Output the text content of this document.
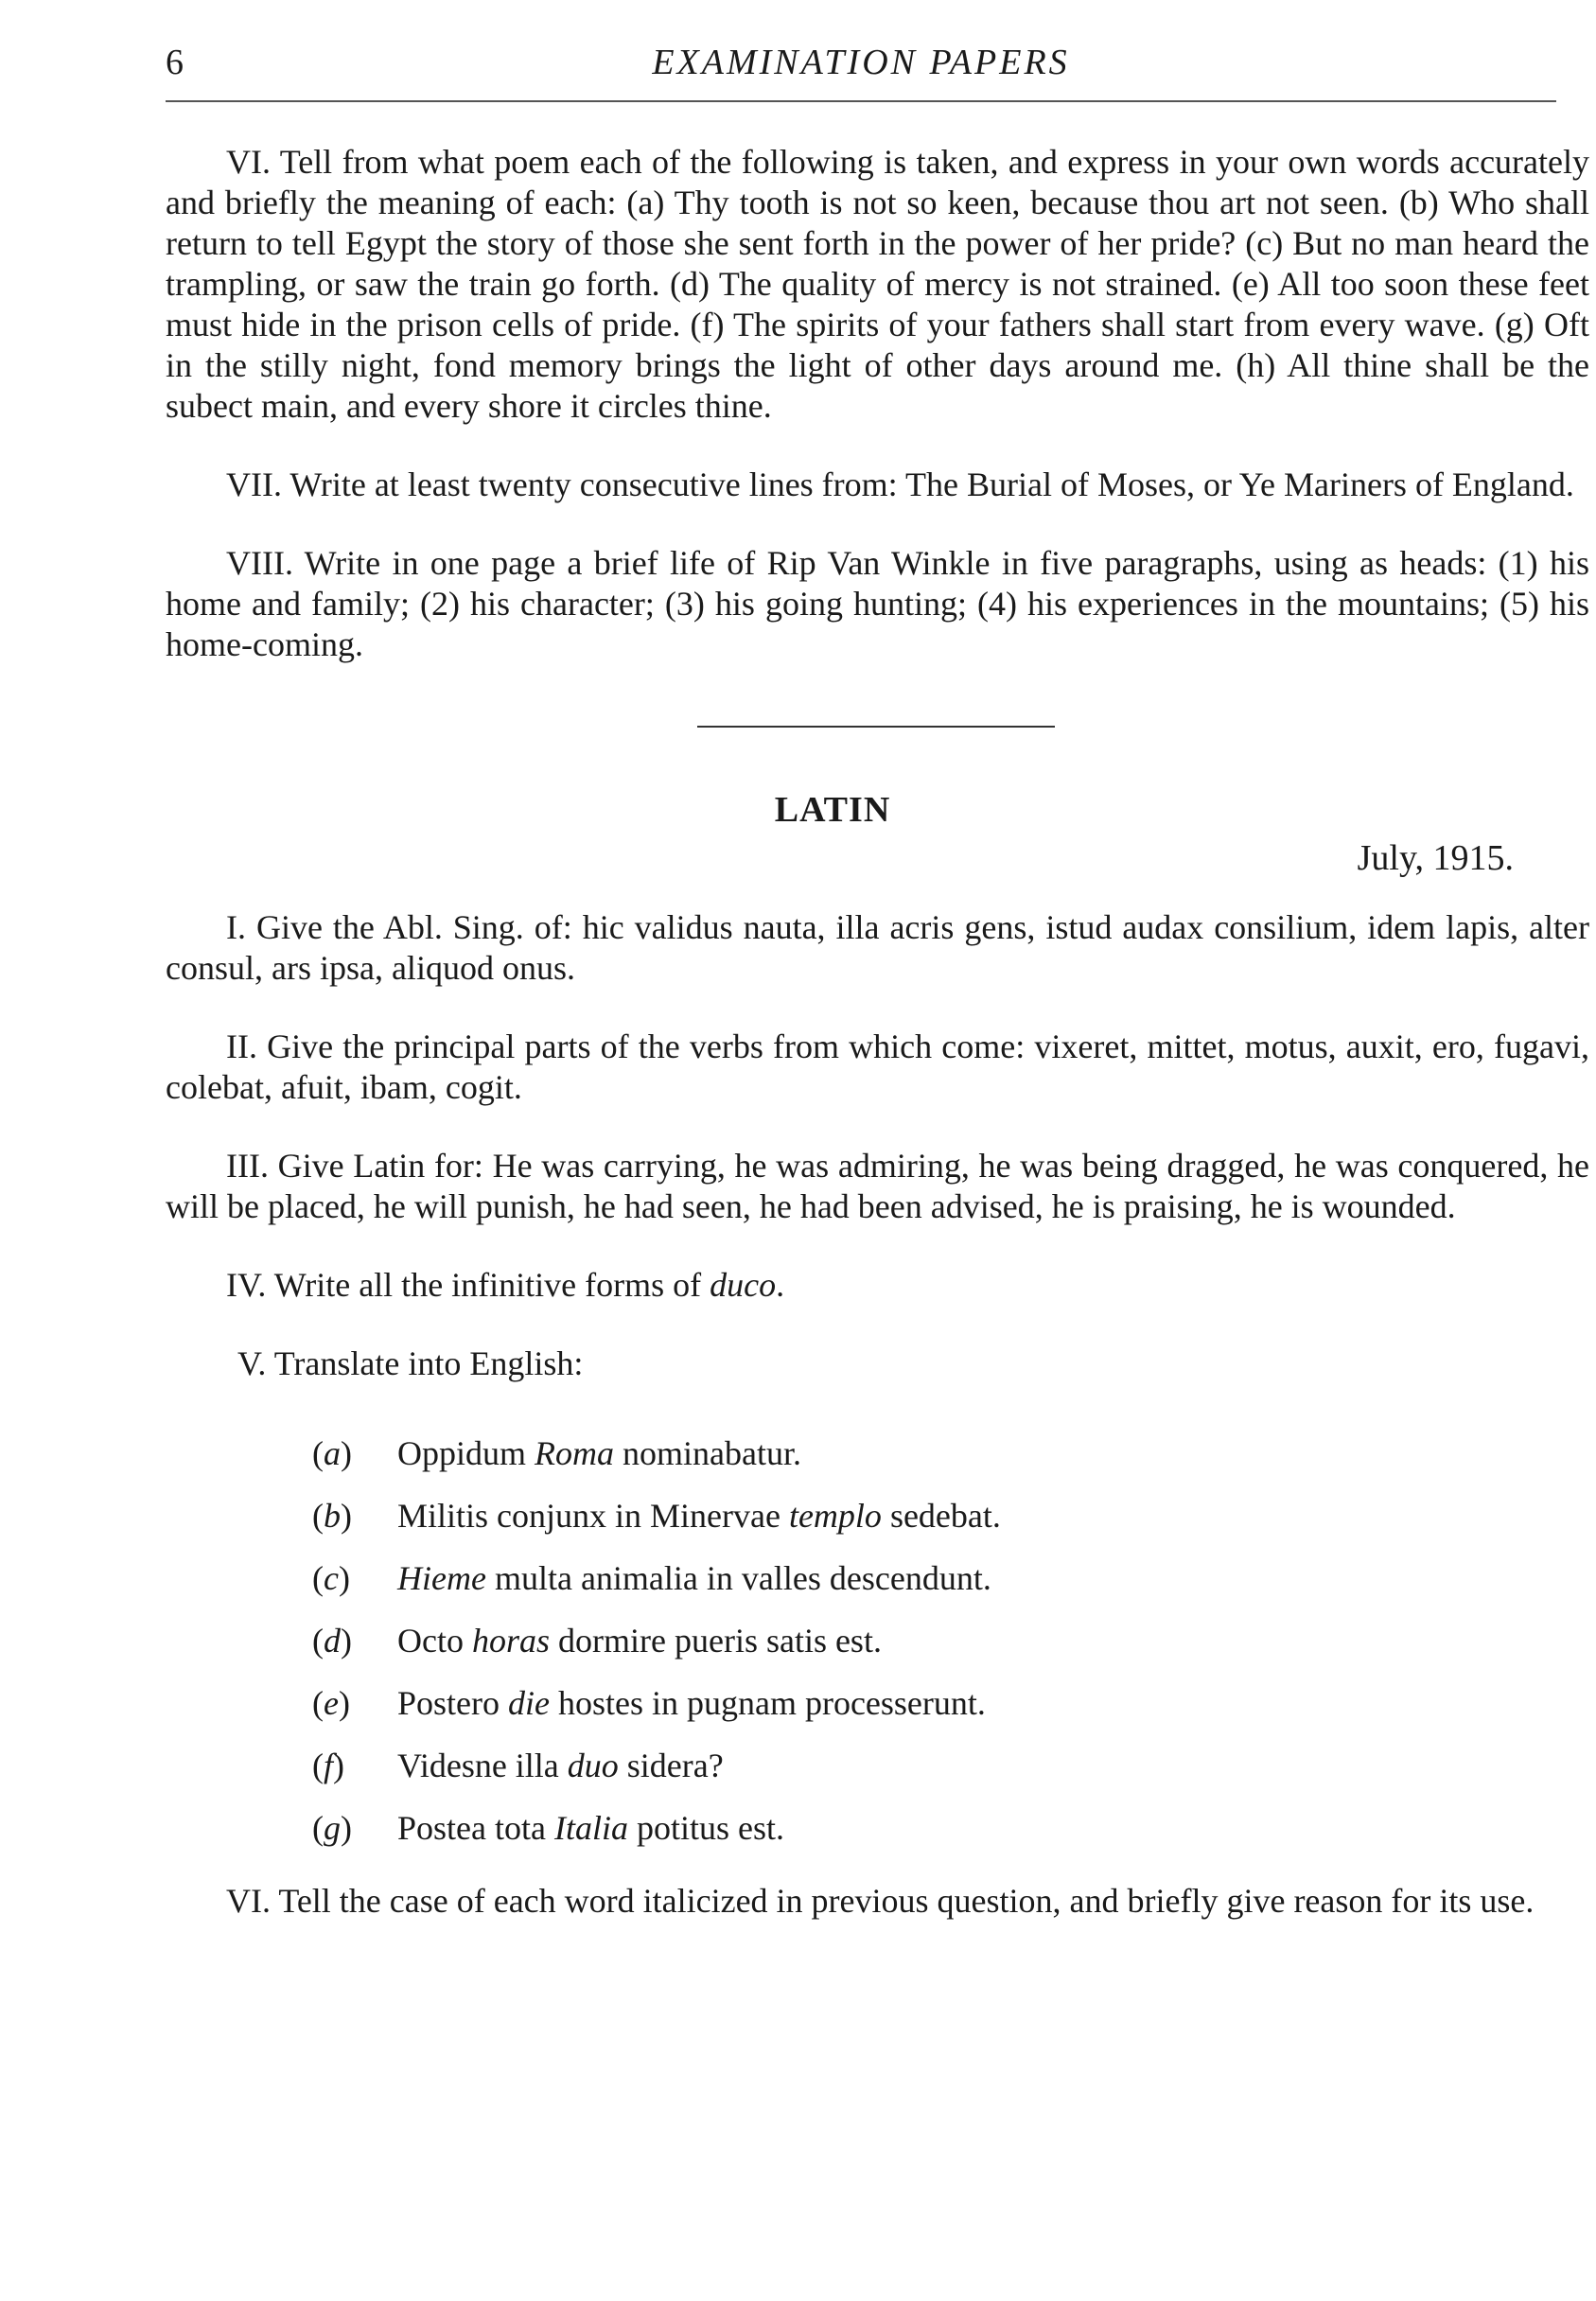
6	EXAMINATION PAPERS

VI. Tell from what poem each of the following is taken, and express in your own words accurately and briefly the meaning of each: (a) Thy tooth is not so keen, because thou art not seen. (b) Who shall return to tell Egypt the story of those she sent forth in the power of her pride? (c) But no man heard the trampling, or saw the train go forth. (d) The quality of mercy is not strained. (e) All too soon these feet must hide in the prison cells of pride. (f) The spirits of your fathers shall start from every wave. (g) Oft in the stilly night, fond memory brings the light of other days around me. (h) All thine shall be the subect main, and every shore it circles thine.

VII. Write at least twenty consecutive lines from: The Burial of Moses, or Ye Mariners of England.

VIII. Write in one page a brief life of Rip Van Winkle in five paragraphs, using as heads: (1) his home and family; (2) his character; (3) his going hunting; (4) his experiences in the mountains; (5) his home-coming.

LATIN
July, 1915.

I. Give the Abl. Sing. of: hic validus nauta, illa acris gens, istud audax consilium, idem lapis, alter consul, ars ipsa, aliquod onus.

II. Give the principal parts of the verbs from which come: vixeret, mittet, motus, auxit, ero, fugavi, colebat, afuit, ibam, cogit.

III. Give Latin for: He was carrying, he was admiring, he was being dragged, he was conquered, he will be placed, he will punish, he had seen, he had been advised, he is praising, he is wounded.

IV. Write all the infinitive forms of duco.

V. Translate into English:

(a) Oppidum Roma nominabatur.
(b) Militis conjunx in Minervae templo sedebat.
(c) Hieme multa animalia in valles descendunt.
(d) Octo horas dormire pueris satis est.
(e) Postero die hostes in pugnam processerunt.
(f) Videsne illa duo sidera?
(g) Postea tota Italia potitus est.

VI. Tell the case of each word italicized in previous question, and briefly give reason for its use.
